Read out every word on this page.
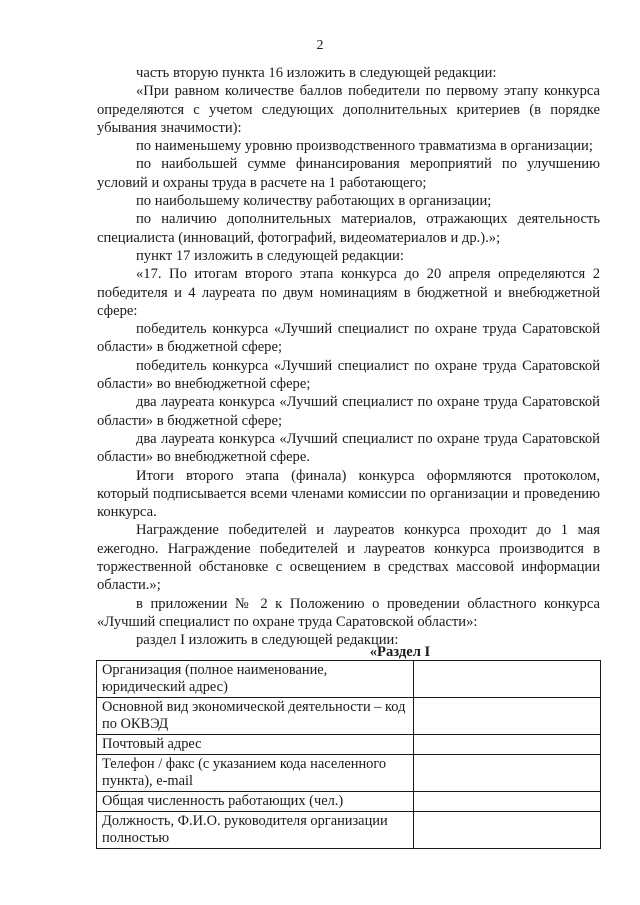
2

часть вторую пункта 16 изложить в следующей редакции:

«При равном количестве баллов победители по первому этапу конкурса определяются с учетом следующих дополнительных критериев (в порядке убывания значимости):

по наименьшему уровню производственного травматизма в организации;

по наибольшей сумме финансирования мероприятий по улучшению условий и охраны труда в расчете на 1 работающего;

по наибольшему количеству работающих в организации;

по наличию дополнительных материалов, отражающих деятельность специалиста (инноваций, фотографий, видеоматериалов и др.).»;

пункт 17 изложить в следующей редакции:

«17. По итогам второго этапа конкурса до 20 апреля определяются 2 победителя и 4 лауреата по двум номинациям в бюджетной и внебюджетной сфере:

победитель конкурса «Лучший специалист по охране труда Саратовской области» в бюджетной сфере;

победитель конкурса «Лучший специалист по охране труда Саратовской области» во внебюджетной сфере;

два лауреата конкурса «Лучший специалист по охране труда Саратовской области» в бюджетной сфере;

два лауреата конкурса «Лучший специалист по охране труда Саратовской области» во внебюджетной сфере.

Итоги второго этапа (финала) конкурса оформляются протоколом, который подписывается всеми членами комиссии по организации и проведению конкурса.

Награждение победителей и лауреатов конкурса проходит до 1 мая ежегодно. Награждение победителей и лауреатов конкурса производится в торжественной обстановке с освещением в средствах массовой информации области.»;

в приложении № 2 к Положению о проведении областного конкурса «Лучший специалист по охране труда Саратовской области»:

раздел I изложить в следующей редакции:

«Раздел I
Организация (полное наименование, юридический адрес)	
Основной вид экономической деятельности – код по ОКВЭД	
Почтовый адрес	
Телефон / факс (с указанием кода населенного пункта), e-mail	
Общая численность работающих (чел.)	
Должность, Ф.И.О. руководителя организации полностью	
